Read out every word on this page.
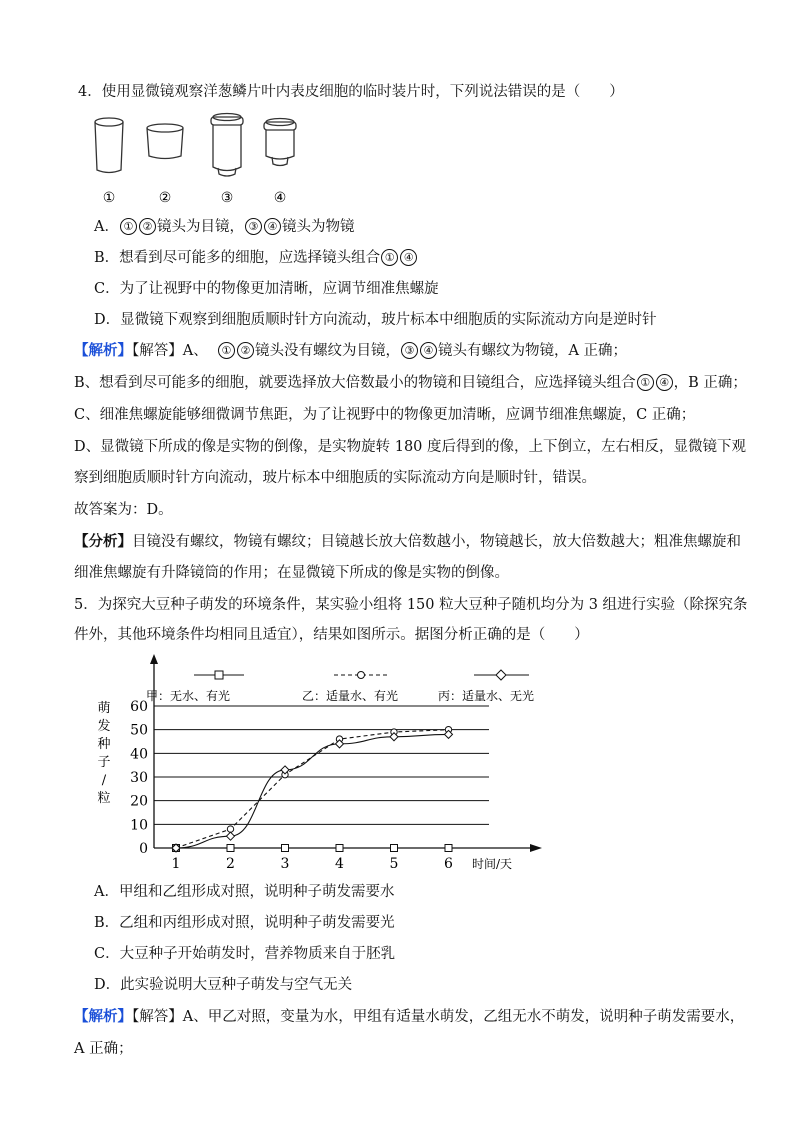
4．使用显微镜观察洋葱鳞片叶内表皮细胞的临时装片时，下列说法错误的是（　　）
①	②	③	④
A． ① ② 镜头为目镜， ③ ④ 镜头为物镜
B．想看到尽可能多的细胞，应选择镜头组合 ① ④
C．为了让视野中的物像更加清晰，应调节细准焦螺旋
D．显微镜下观察到细胞质顺时针方向流动，玻片标本中细胞质的实际流动方向是逆时针
【解析】【解答】A、 ① ② 镜头没有螺纹为目镜， ③ ④ 镜头有螺纹为物镜，A 正确；
B、想看到尽可能多的细胞，就要选择放大倍数最小的物镜和目镜组合，应选择镜头组合 ① ④ ，B 正确；
C、细准焦螺旋能够细微调节焦距，为了让视野中的物像更加清晰，应调节细准焦螺旋，C 正确；
D、显微镜下所成的像是实物的倒像，是实物旋转 180 度后得到的像，上下倒立，左右相反，显微镜下观
察到细胞质顺时针方向流动，玻片标本中细胞质的实际流动方向是顺时针，错误。
故答案为：D。
【分析】目镜没有螺纹，物镜有螺纹；目镜越长放大倍数越小，物镜越长，放大倍数越大；粗准焦螺旋和
细准焦螺旋有升降镜筒的作用；在显微镜下所成的像是实物的倒像。
5．为探究大豆种子萌发的环境条件，某实验小组将 150 粒大豆种子随机均分为 3 组进行实验（除探究条
件外，其他环境条件均相同且适宜），结果如图所示。据图分析正确的是（　　）
0
10
20
30
40
50
60
1	2	3	4	5	6
萌
发
种
子
/
粒
时间/天
甲：无水、有光	乙：适量水、有光	丙：适量水、无光
A．甲组和乙组形成对照，说明种子萌发需要水
B．乙组和丙组形成对照，说明种子萌发需要光
C．大豆种子开始萌发时，营养物质来自于胚乳
D．此实验说明大豆种子萌发与空气无关
【解析】【解答】A、甲乙对照，变量为水，甲组有适量水萌发，乙组无水不萌发，说明种子萌发需要水，
A 正确；
